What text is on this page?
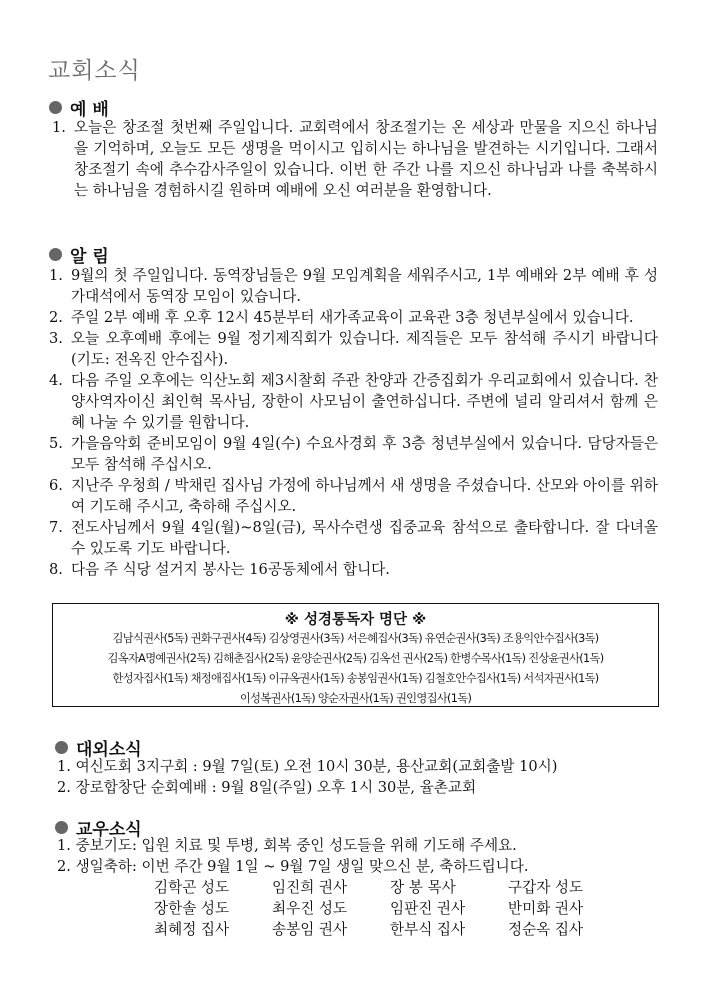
교회소식
예 배
1. 오늘은 창조절 첫번째 주일입니다. 교회력에서 창조절기는 온 세상과 만물을 지으신 하나님을 기억하며, 오늘도 모든 생명을 먹이시고 입히시는 하나님을 발견하는 시기입니다. 그래서 창조절기 속에 추수감사주일이 있습니다. 이번 한 주간 나를 지으신 하나님과 나를 축복하시는 하나님을 경험하시길 원하며 예배에 오신 여러분을 환영합니다.
알 림
1. 9월의 첫 주일입니다. 동역장님들은 9월 모임계획을 세워주시고, 1부 예배와 2부 예배 후 성가대석에서 동역장 모임이 있습니다.
2. 주일 2부 예배 후 오후 12시 45분부터 새가족교육이 교육관 3층 청년부실에서 있습니다.
3. 오늘 오후예배 후에는 9월 정기제직회가 있습니다. 제직들은 모두 참석해 주시기 바랍니다(기도: 전옥진 안수집사).
4. 다음 주일 오후에는 익산노회 제3시찰회 주관 찬양과 간증집회가 우리교회에서 있습니다. 찬양사역자이신 최인혁 목사님, 장한이 사모님이 출연하십니다. 주변에 널리 알리셔서 함께 은혜 나눌 수 있기를 원합니다.
5. 가을음악회 준비모임이 9월 4일(수) 수요사경회 후 3층 청년부실에서 있습니다. 담당자들은 모두 참석해 주십시오.
6. 지난주 우청희 / 박채린 집사님 가정에 하나님께서 새 생명을 주셨습니다. 산모와 아이를 위하여 기도해 주시고, 축하해 주십시오.
7. 전도사님께서 9월 4일(월)~8일(금), 목사수련생 집중교육 참석으로 출타합니다. 잘 다녀올 수 있도록 기도 바랍니다.
8. 다음 주 식당 설거지 봉사는 16공동체에서 합니다.
※ 성경통독자 명단 ※
김남식권사(5독) 권화구권사(4독) 김상영권사(3독) 서은혜집사(3독) 유연순권사(3독) 조용익안수집사(3독)
김옥자A명예권사(2독) 김해춘집사(2독) 윤양순권사(2독) 김옥선 권사(2독) 한병수목사(1독) 진상윤권사(1독)
한성자집사(1독) 채정애집사(1독) 이규옥권사(1독) 송봉임권사(1독) 김철호안수집사(1독) 서석자권사(1독)
이성복권사(1독) 양순자권사(1독) 권인영집사(1독)
대외소식
1. 여신도회 3지구회 : 9월 7일(토) 오전 10시 30분, 용산교회(교회출발 10시)
2. 장로합창단 순회예배 : 9월 8일(주일) 오후 1시 30분, 율촌교회
교우소식
1. 중보기도: 입원 치료 및 투병, 회복 중인 성도들을 위해 기도해 주세요.
2. 생일축하: 이번 주간 9월 1일 ~ 9월 7일 생일 맞으신 분, 축하드립니다.
김학곤 성도	임진희 권사	장 봉 목사	구갑자 성도
장한솔 성도	최우진 성도	임판진 권사	반미화 권사
최혜정 집사	송봉임 권사	한부식 집사	정순옥 집사
